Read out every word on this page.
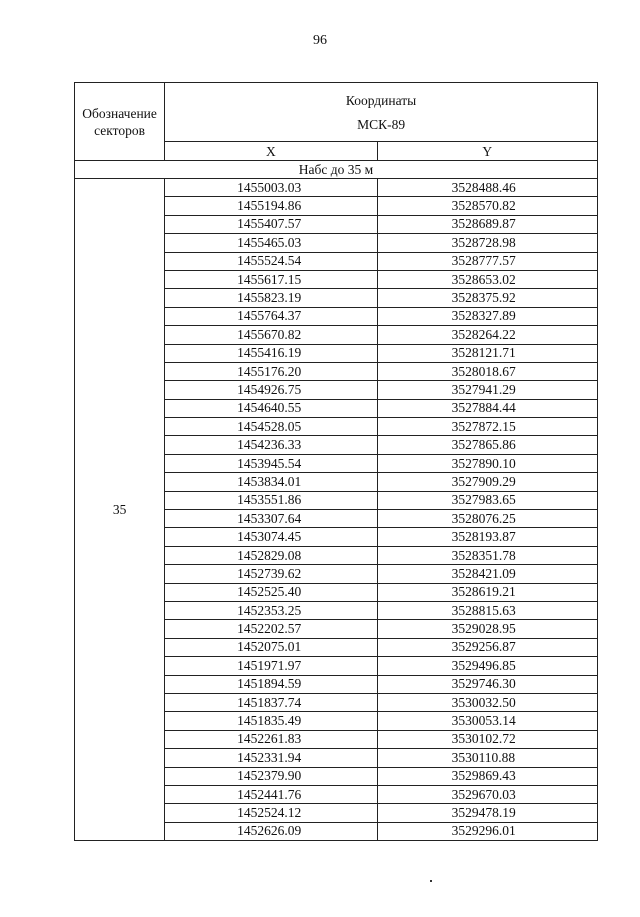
96
Обозначение секторов	Координаты
МСК-89	

	X	Y
Набс до 35 м		
35	1455003.03	3528488.46
	1455194.86	3528570.82
	1455407.57	3528689.87
	1455465.03	3528728.98
	1455524.54	3528777.57
	1455617.15	3528653.02
	1455823.19	3528375.92
	1455764.37	3528327.89
	1455670.82	3528264.22
	1455416.19	3528121.71
	1455176.20	3528018.67
	1454926.75	3527941.29
	1454640.55	3527884.44
	1454528.05	3527872.15
	1454236.33	3527865.86
	1453945.54	3527890.10
	1453834.01	3527909.29
	1453551.86	3527983.65
	1453307.64	3528076.25
	1453074.45	3528193.87
	1452829.08	3528351.78
	1452739.62	3528421.09
	1452525.40	3528619.21
	1452353.25	3528815.63
	1452202.57	3529028.95
	1452075.01	3529256.87
	1451971.97	3529496.85
	1451894.59	3529746.30
	1451837.74	3530032.50
	1451835.49	3530053.14
	1452261.83	3530102.72
	1452331.94	3530110.88
	1452379.90	3529869.43
	1452441.76	3529670.03
	1452524.12	3529478.19
	1452626.09	3529296.01
